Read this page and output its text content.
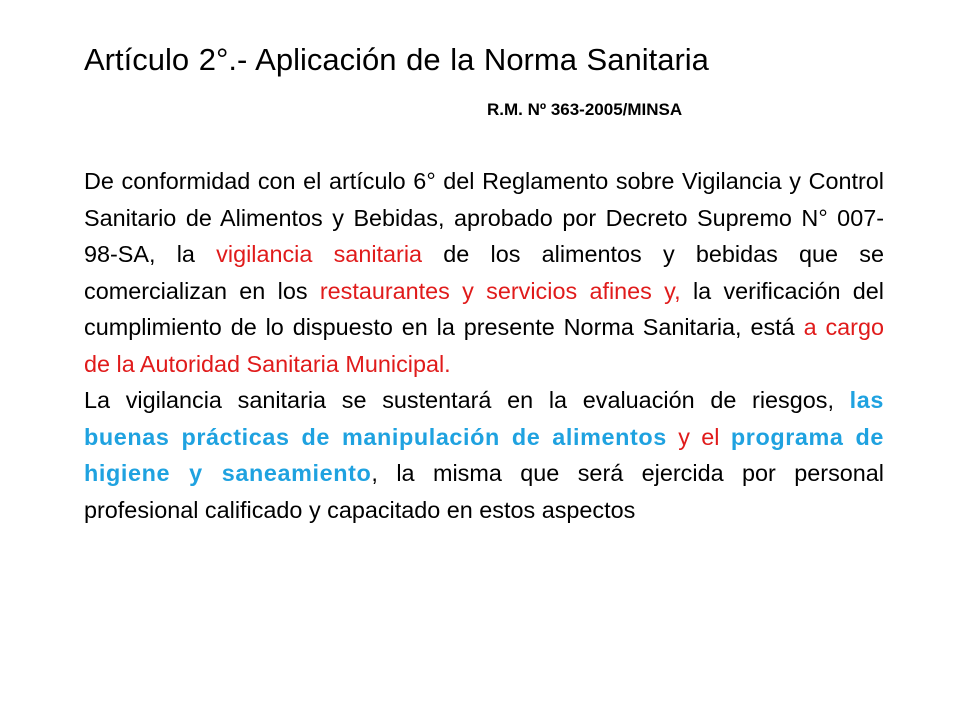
Artículo 2°.- Aplicación de la Norma Sanitaria
R.M. Nº 363-2005/MINSA

De conformidad con el artículo 6° del Reglamento sobre Vigilancia y Control Sanitario de Alimentos y Bebidas, aprobado por Decreto Supremo N° 007-98-SA, la vigilancia sanitaria de los alimentos y bebidas que se comercializan en los restaurantes y servicios afines y, la verificación del cumplimiento de lo dispuesto en la presente Norma Sanitaria, está a cargo de la Autoridad Sanitaria Municipal.

La vigilancia sanitaria se sustentará en la evaluación de riesgos, las buenas prácticas de manipulación de alimentos y el programa de higiene y saneamiento, la misma que será ejercida por personal profesional calificado y capacitado en estos aspectos
